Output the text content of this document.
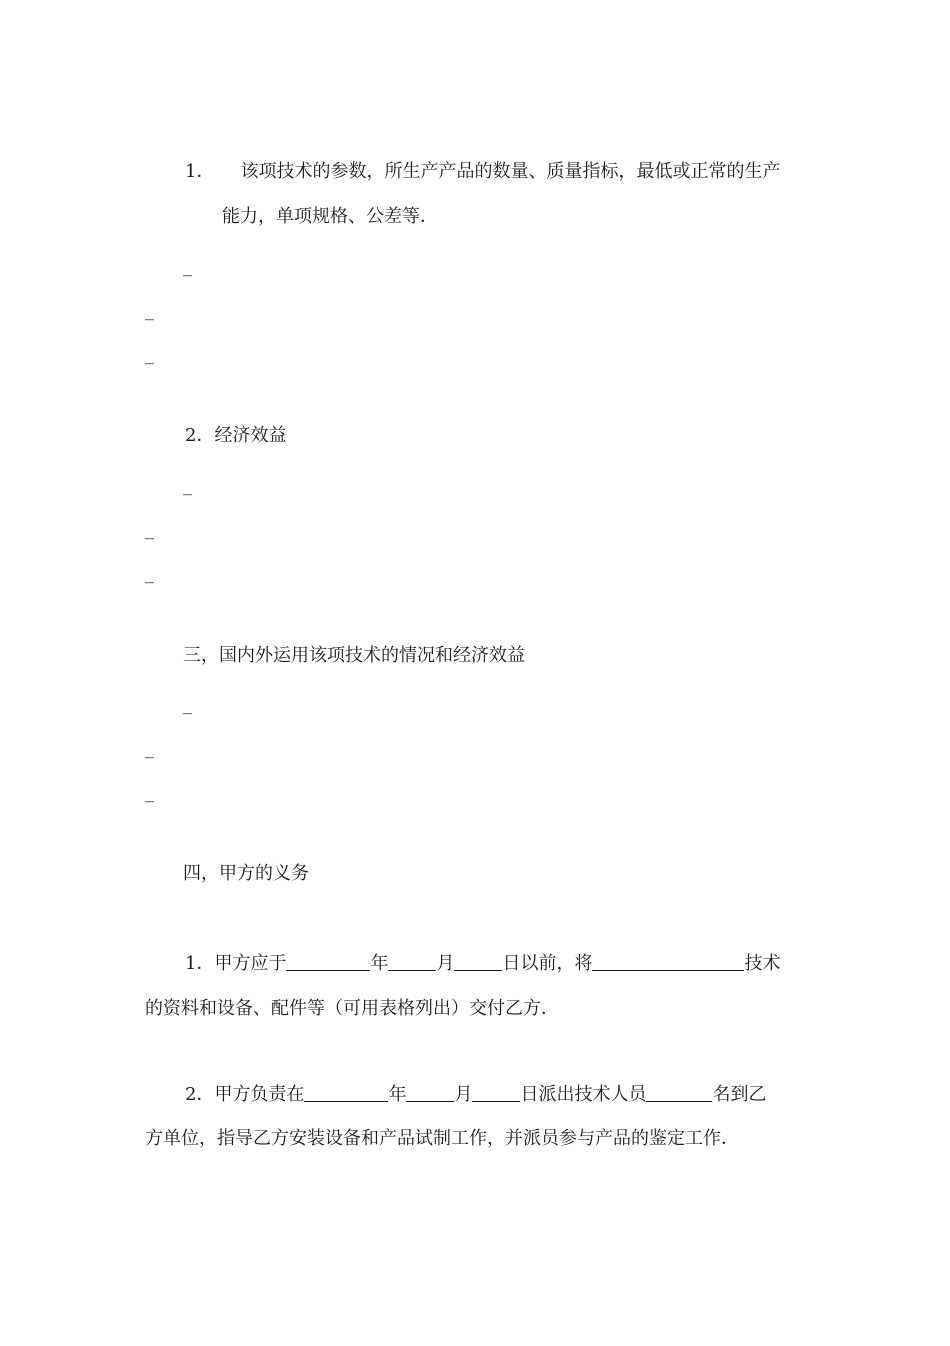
1． 该项技术的参数，所生产产品的数量、质量指标，最低或正常的生产
能力，单项规格、公差等．
_
_
_
2．经济效益
_
_
_
三，国内外运用该项技术的情况和经济效益
_
_
_
四，甲方的义务
1．甲方应于	年	月	日以前，将	技术
的资料和设备、配件等（可用表格列出）交付乙方．
2．甲方负责在	年	月	日派出技术人员	名到乙
方单位，指导乙方安装设备和产品试制工作，并派员参与产品的鉴定工作．
